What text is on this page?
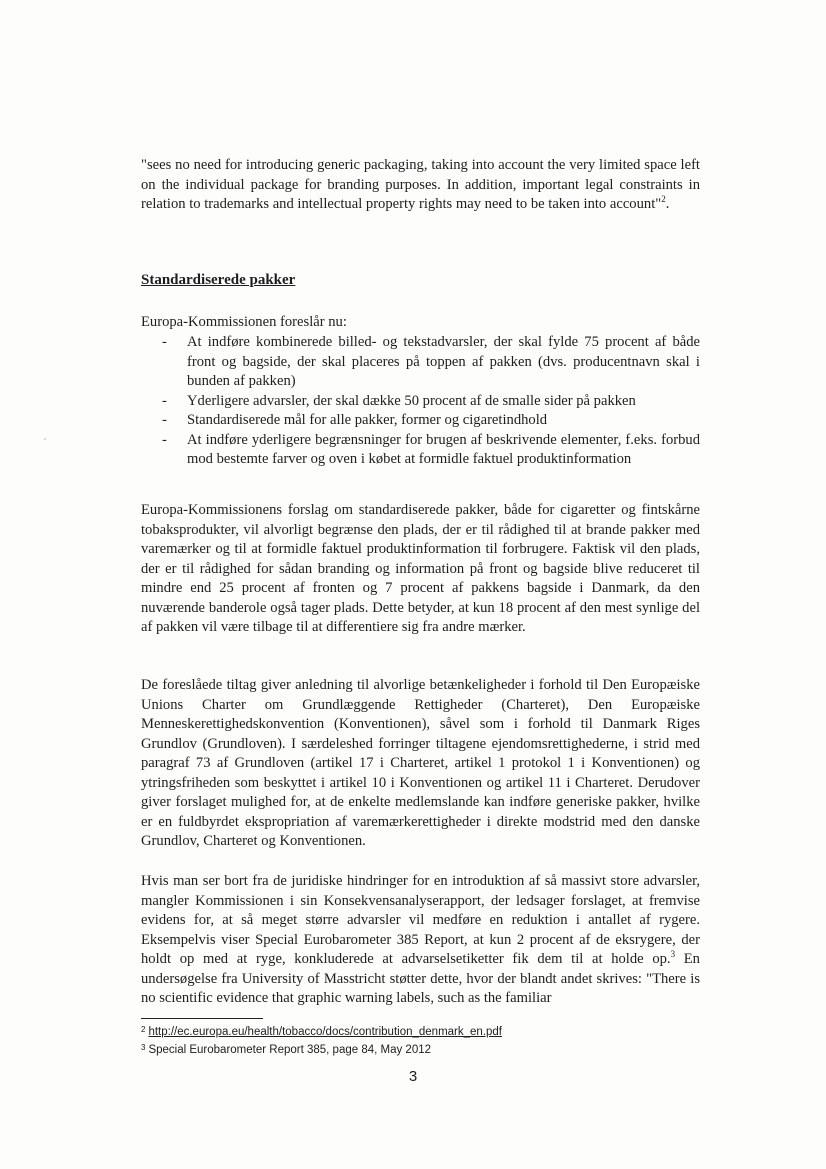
"sees no need for introducing generic packaging, taking into account the very limited space left on the individual package for branding purposes. In addition, important legal constraints in relation to trademarks and intellectual property rights may need to be taken into account"$^2$.

Standardiserede pakker

Europa-Kommissionen foreslår nu:

- At indføre kombinerede billed- og tekstadvarsler, der skal fylde 75 procent af både front og bagside, der skal placeres på toppen af pakken (dvs. producentnavn skal i bunden af pakken)
- Yderligere advarsler, der skal dække 50 procent af de smalle sider på pakken
- Standardiserede mål for alle pakker, former og cigaretindhold
- At indføre yderligere begrænsninger for brugen af beskrivende elementer, f.eks. forbud mod bestemte farver og oven i købet at formidle faktuel produktinformation

Europa-Kommissionens forslag om standardiserede pakker, både for cigaretter og fintskårne tobaksprodukter, vil alvorligt begrænse den plads, der er til rådighed til at brande pakker med varemærker og til at formidle faktuel produktinformation til forbrugere. Faktisk vil den plads, der er til rådighed for sådan branding og information på front og bagside blive reduceret til mindre end 25 procent af fronten og 7 procent af pakkens bagside i Danmark, da den nuværende banderole også tager plads. Dette betyder, at kun 18 procent af den mest synlige del af pakken vil være tilbage til at differentiere sig fra andre mærker.

De foreslåede tiltag giver anledning til alvorlige betænkeligheder i forhold til Den Europæiske Unions Charter om Grundlæggende Rettigheder (Charteret), Den Europæiske Menneskerettighedskonvention (Konventionen), såvel som i forhold til Danmark Riges Grundlov (Grundloven). I særdeleshed forringer tiltagene ejendomsrettighederne, i strid med paragraf 73 af Grundloven (artikel 17 i Charteret, artikel 1 protokol 1 i Konventionen) og ytringsfriheden som beskyttet i artikel 10 i Konventionen og artikel 11 i Charteret. Derudover giver forslaget mulighed for, at de enkelte medlemslande kan indføre generiske pakker, hvilke er en fuldbyrdet ekspropriation af varemærkerettigheder i direkte modstrid med den danske Grundlov, Charteret og Konventionen.

Hvis man ser bort fra de juridiske hindringer for en introduktion af så massivt store advarsler, mangler Kommissionen i sin Konsekvensanalyserapport, der ledsager forslaget, at fremvise evidens for, at så meget større advarsler vil medføre en reduktion i antallet af rygere. Eksempelvis viser Special Eurobarometer 385 Report, at kun 2 procent af de eksrygere, der holdt op med at ryge, konkluderede at advarselsetiketter fik dem til at holde op.$^3$ En undersøgelse fra University of Masstricht støtter dette, hvor der blandt andet skrives: "There is no scientific evidence that graphic warning labels, such as the familiar

$^2$ http://ec.europa.eu/health/tobacco/docs/contribution_denmark_en.pdf
$^3$ Special Eurobarometer Report 385, page 84, May 2012
3
